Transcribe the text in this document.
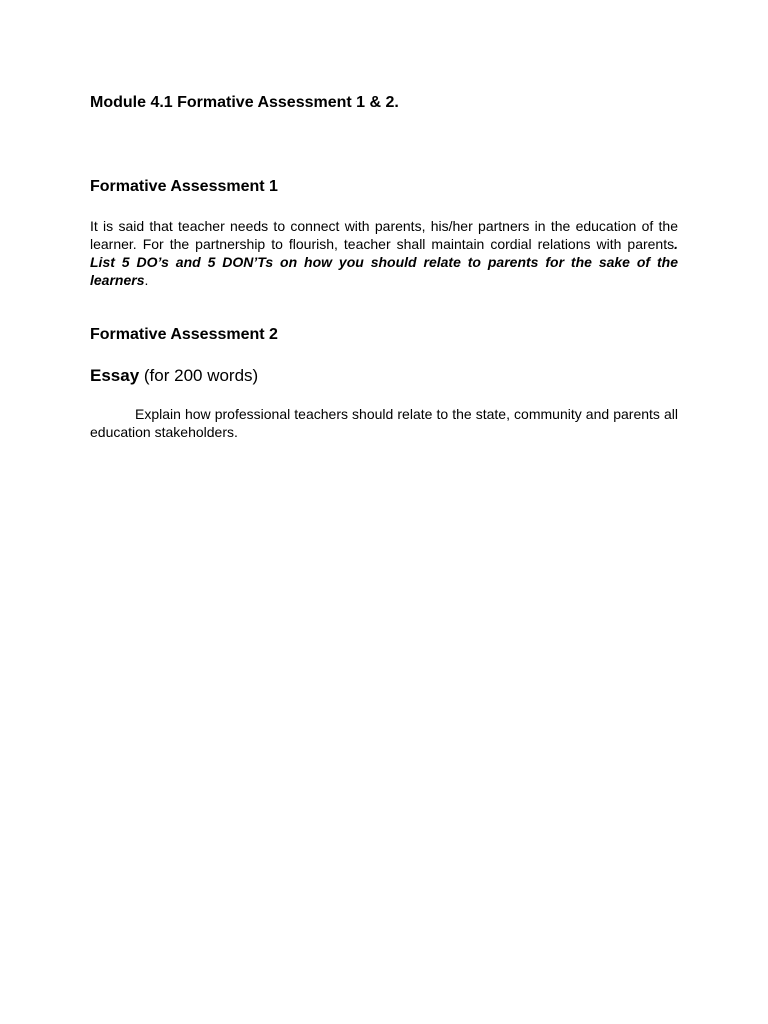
Module 4.1 Formative Assessment 1 & 2.
Formative Assessment 1

It is said that teacher needs to connect with parents, his/her partners in the education of the learner. For the partnership to flourish, teacher shall maintain cordial relations with parents. List 5 DO’s and 5 DON’Ts on how you should relate to parents for the sake of the learners.

Formative Assessment 2

Essay (for 200 words)

Explain how professional teachers should relate to the state, community and parents all education stakeholders.
